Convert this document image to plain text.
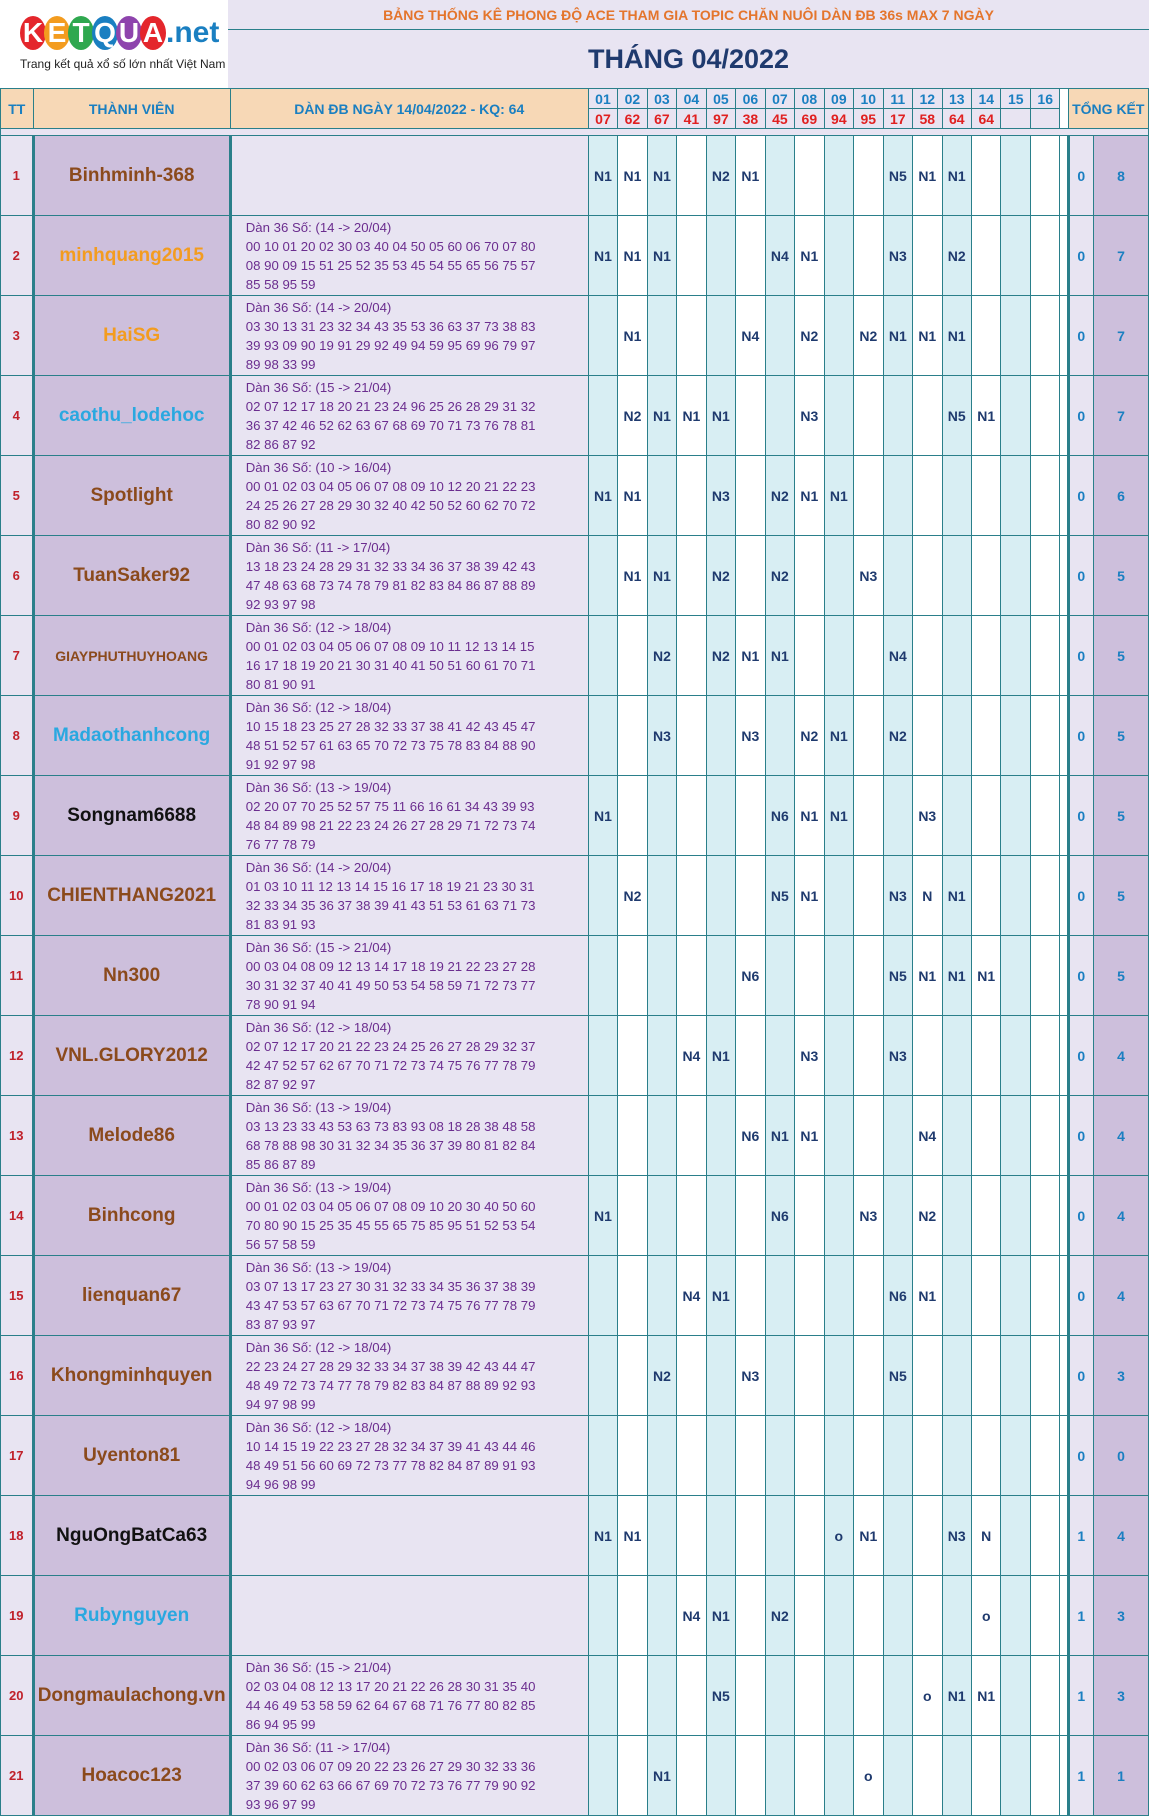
K E T Q U A.net
Trang kết quả xổ số lớn nhất Việt Nam
BẢNG THỐNG KÊ PHONG ĐỘ ACE THAM GIA TOPIC CHĂN NUÔI DÀN ĐB 36s MAX 7 NGÀY
THÁNG 04/2022
TT	THÀNH VIÊN	DÀN ĐB NGÀY 14/04/2022 - KQ: 64	01	02	03	04	05	06	07	08	09	10	11	12	13	14	15	16		TỔNG KẾT	
			07	62	67	41	97	38	45	69	94	95	17	58	64	64					

1	Binhminh-368		N1	N1	N1		N2	N1					N5	N1	N1					0	8
2	minhquang2015	Dàn 36 Số: (14 -> 20/04)
00 10 01 20 02 30 03 40 04 50 05 60 06 70 07 80
08 90 09 15 51 25 52 35 53 45 54 55 65 56 75 57
85 58 95 59	N1	N1	N1				N4	N1			N3		N2					0	7
3	HaiSG	Dàn 36 Số: (14 -> 20/04)
03 30 13 31 23 32 34 43 35 53 36 63 37 73 38 83
39 93 09 90 19 91 29 92 49 94 59 95 69 96 79 97
89 98 33 99		N1				N4		N2		N2	N1	N1	N1					0	7
4	caothu_lodehoc	Dàn 36 Số: (15 -> 21/04)
02 07 12 17 18 20 21 23 24 96 25 26 28 29 31 32
36 37 42 46 52 62 63 67 68 69 70 71 73 76 78 81
82 86 87 92		N2	N1	N1	N1			N3					N5	N1				0	7
5	Spotlight	Dàn 36 Số: (10 -> 16/04)
00 01 02 03 04 05 06 07 08 09 10 12 20 21 22 23
24 25 26 27 28 29 30 32 40 42 50 52 60 62 70 72
80 82 90 92	N1	N1			N3		N2	N1	N1									0	6
6	TuanSaker92	Dàn 36 Số: (11 -> 17/04)
13 18 23 24 28 29 31 32 33 34 36 37 38 39 42 43
47 48 63 68 73 74 78 79 81 82 83 84 86 87 88 89
92 93 97 98		N1	N1		N2		N2			N3								0	5
7	GIAYPHUTHUYHOANG	Dàn 36 Số: (12 -> 18/04)
00 01 02 03 04 05 06 07 08 09 10 11 12 13 14 15
16 17 18 19 20 21 30 31 40 41 50 51 60 61 70 71
80 81 90 91			N2		N2	N1	N1				N4							0	5
8	Madaothanhcong	Dàn 36 Số: (12 -> 18/04)
10 15 18 23 25 27 28 32 33 37 38 41 42 43 45 47
48 51 52 57 61 63 65 70 72 73 75 78 83 84 88 90
91 92 97 98			N3			N3		N2	N1		N2							0	5
9	Songnam6688	Dàn 36 Số: (13 -> 19/04)
02 20 07 70 25 52 57 75 11 66 16 61 34 43 39 93
48 84 89 98 21 22 23 24 26 27 28 29 71 72 73 74
76 77 78 79	N1						N6	N1	N1			N3						0	5
10	CHIENTHANG2021	Dàn 36 Số: (14 -> 20/04)
01 03 10 11 12 13 14 15 16 17 18 19 21 23 30 31
32 33 34 35 36 37 38 39 41 43 51 53 61 63 71 73
81 83 91 93		N2					N5	N1			N3	N	N1					0	5
11	Nn300	Dàn 36 Số: (15 -> 21/04)
00 03 04 08 09 12 13 14 17 18 19 21 22 23 27 28
30 31 32 37 40 41 49 50 53 54 58 59 71 72 73 77
78 90 91 94						N6					N5	N1	N1	N1				0	5
12	VNL.GLORY2012	Dàn 36 Số: (12 -> 18/04)
02 07 12 17 20 21 22 23 24 25 26 27 28 29 32 37
42 47 52 57 62 67 70 71 72 73 74 75 76 77 78 79
82 87 92 97				N4	N1			N3			N3							0	4
13	Melode86	Dàn 36 Số: (13 -> 19/04)
03 13 23 33 43 53 63 73 83 93 08 18 28 38 48 58
68 78 88 98 30 31 32 34 35 36 37 39 80 81 82 84
85 86 87 89						N6	N1	N1				N4						0	4
14	Binhcong	Dàn 36 Số: (13 -> 19/04)
00 01 02 03 04 05 06 07 08 09 10 20 30 40 50 60
70 80 90 15 25 35 45 55 65 75 85 95 51 52 53 54
56 57 58 59	N1						N6			N3		N2						0	4
15	lienquan67	Dàn 36 Số: (13 -> 19/04)
03 07 13 17 23 27 30 31 32 33 34 35 36 37 38 39
43 47 53 57 63 67 70 71 72 73 74 75 76 77 78 79
83 87 93 97				N4	N1						N6	N1						0	4
16	Khongminhquyen	Dàn 36 Số: (12 -> 18/04)
22 23 24 27 28 29 32 33 34 37 38 39 42 43 44 47
48 49 72 73 74 77 78 79 82 83 84 87 88 89 92 93
94 97 98 99			N2			N3					N5							0	3
17	Uyenton81	Dàn 36 Số: (12 -> 18/04)
10 14 15 19 22 23 27 28 32 34 37 39 41 43 44 46
48 49 51 56 60 69 72 73 77 78 82 84 87 89 91 93
94 96 98 99																		0	0
18	NguOngBatCa63		N1	N1							o	N1			N3	N				1	4
19	Rubynguyen					N4	N1		N2							o				1	3
20	Dongmaulachong.vn	Dàn 36 Số: (15 -> 21/04)
02 03 04 08 12 13 17 20 21 22 26 28 30 31 35 40
44 46 49 53 58 59 62 64 67 68 71 76 77 80 82 85
86 94 95 99					N5							o	N1	N1				1	3
21	Hoacoc123	Dàn 36 Số: (11 -> 17/04)
00 02 03 06 07 09 20 22 23 26 27 29 30 32 33 36
37 39 60 62 63 66 67 69 70 72 73 76 77 79 90 92
93 96 97 99			N1							o								1	1
